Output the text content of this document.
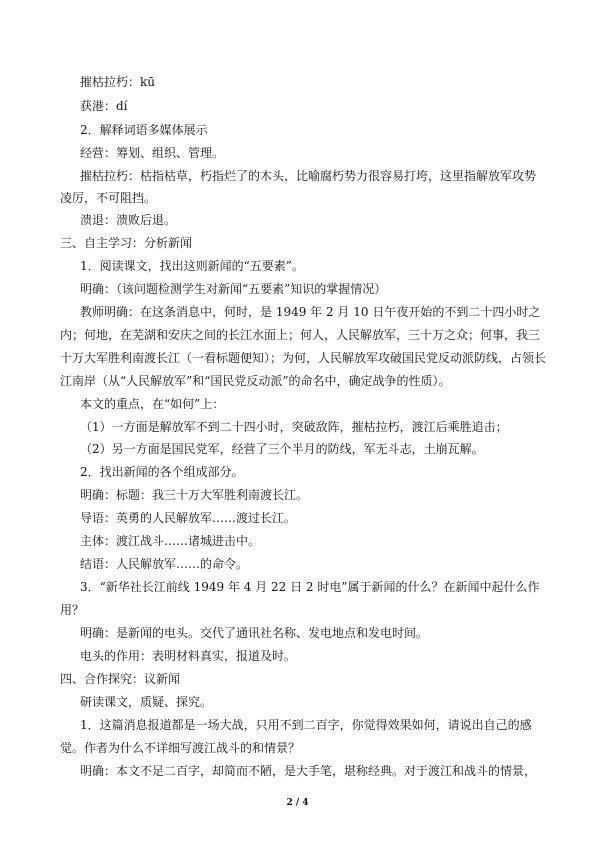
摧枯拉朽：kū
获港：dí
2．解释词语多媒体展示
经营：筹划、组织、管理。
摧枯拉朽：枯指枯草，朽指烂了的木头，比喻腐朽势力很容易打垮，这里指解放军攻势
凌厉，不可阻挡。
溃退：溃败后退。
三、自主学习：分析新闻
1．阅读课文，找出这则新闻的“五要素”。
明确：（该问题检测学生对新闻“五要素”知识的掌握情况）
教师明确：在这条消息中，何时，是 1949 年 2 月 10 日午夜开始的不到二十四小时之
内；何地，在芜湖和安庆之间的长江水面上；何人，人民解放军，三十万之众；何事，我三
十万大军胜利南渡长江（一看标题便知）；为何，人民解放军攻破国民党反动派防线，占领长
江南岸（从“人民解放军”和“国民党反动派”的命名中，确定战争的性质）。
本文的重点，在“如何”上：
（1）一方面是解放军不到二十四小时，突破敌阵，摧枯拉朽，渡江后乘胜追击；
（2）另一方面是国民党军，经营了三个半月的防线，军无斗志，土崩瓦解。
2．找出新闻的各个组成部分。
明确：标题：我三十万大军胜利南渡长江。
导语：英勇的人民解放军……渡过长江。
主体：渡江战斗……诸城进击中。
结语：人民解放军……的命令。
3．“新华社长江前线 1949 年 4 月 22 日 2 时电”属于新闻的什么？在新闻中起什么作
用？
明确：是新闻的电头。交代了通讯社名称、发电地点和发电时间。
电头的作用：表明材料真实，报道及时。
四、合作探究：议新闻
研读课文，质疑、探究。
1．这篇消息报道都是一场大战，只用不到二百字，你觉得效果如何，请说出自己的感
觉。作者为什么不详细写渡江战斗的和情景？
明确：本文不足二百字，却简而不陋，是大手笔，堪称经典。对于渡江和战斗的情景，
2 / 4
